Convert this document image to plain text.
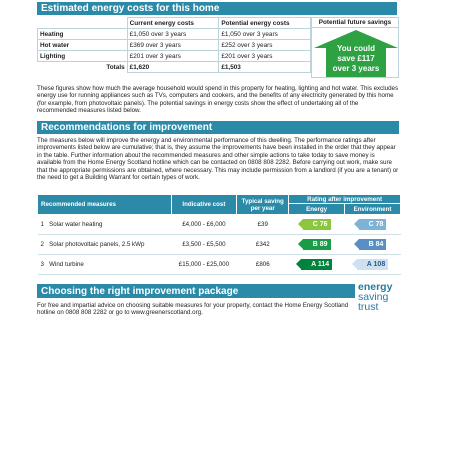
Estimated energy costs for this home
	Current energy costs	Potential energy costs
Heating	£1,050 over 3 years	£1,050 over 3 years
Hot water	£369 over 3 years	£252 over 3 years
Lighting	£201 over 3 years	£201 over 3 years
Totals	£1,620	£1,503
Potential future savings
You could
save £117
over 3 years
These figures show how much the average household would spend in this property for heating, lighting and hot water. This excludes energy use for running appliances such as TVs, computers and cookers, and the benefits of any electricity generated by this home (for example, from photovoltaic panels). The potential savings in energy costs show the effect of undertaking all of the recommended measures listed below.
Recommendations for improvement
The measures below will improve the energy and environmental performance of this dwelling. The performance ratings after improvements listed below are cumulative; that is, they assume the improvements have been installed in the order that they appear in the table. Further information about the recommended measures and other simple actions to take today to save money is available from the Home Energy Scotland hotline which can be contacted on 0808 808 2282. Before carrying out work, make sure that the appropriate permissions are obtained, where necessary. This may include permission from a landlord (if you are a tenant) or the need to get a Building Warrant for certain types of work.
Recommended measures	Indicative cost	Typical saving per year	Rating after improvement	
			Energy	Environment
1 Solar water heating	£4,000 - £6,000	£39	C 76	C 78
2 Solar photovoltaic panels, 2.5 kWp	£3,500 - £5,500	£342	B 89	B 84
3 Wind turbine	£15,000 - £25,000	£806	A 114	A 108
Choosing the right improvement package
For free and impartial advice on choosing suitable measures for your property, contact the Home Energy Scotland hotline on 0808 808 2282 or go to www.greenerscotland.org.
energy
saving
trust
